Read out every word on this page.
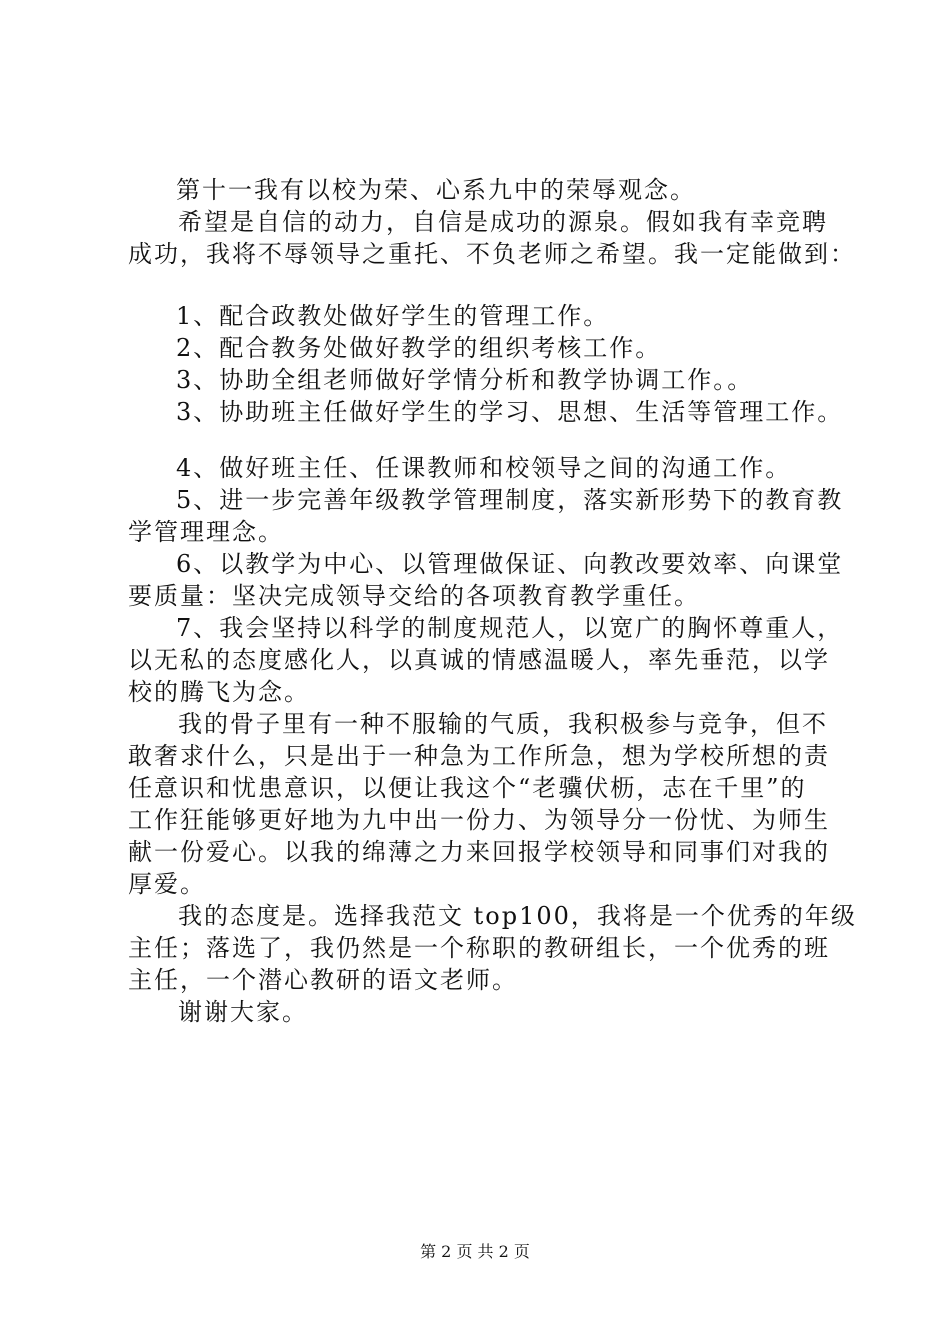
第十一我有以校为荣、心系九中的荣辱观念。
希望是自信的动力，自信是成功的源泉。假如我有幸竞聘
成功，我将不辱领导之重托、不负老师之希望。我一定能做到：
1、配合政教处做好学生的管理工作。
2、配合教务处做好教学的组织考核工作。
3、协助全组老师做好学情分析和教学协调工作。。
3、协助班主任做好学生的学习、思想、生活等管理工作。
4、做好班主任、任课教师和校领导之间的沟通工作。
5、进一步完善年级教学管理制度，落实新形势下的教育教
学管理理念。
6、以教学为中心、以管理做保证、向教改要效率、向课堂
要质量：坚决完成领导交给的各项教育教学重任。
7、我会坚持以科学的制度规范人，以宽广的胸怀尊重人，
以无私的态度感化人，以真诚的情感温暖人，率先垂范，以学
校的腾飞为念。
我的骨子里有一种不服输的气质，我积极参与竞争，但不
敢奢求什么，只是出于一种急为工作所急，想为学校所想的责
任意识和忧患意识，以便让我这个“老骥伏枥，志在千里”的
工作狂能够更好地为九中出一份力、为领导分一份忧、为师生
献一份爱心。以我的绵薄之力来回报学校领导和同事们对我的
厚爱。
我的态度是。选择我范文 top100，我将是一个优秀的年级
主任；落选了，我仍然是一个称职的教研组长，一个优秀的班
主任，一个潜心教研的语文老师。
谢谢大家。
第 2 页 共 2 页
